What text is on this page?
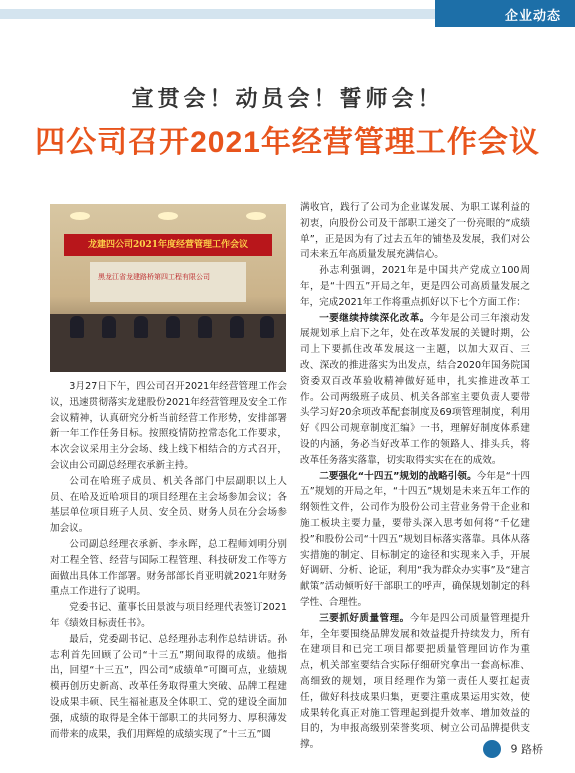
企业动态
宣贯会！动员会！誓师会！
四公司召开2021年经营管理工作会议
龙建四公司2021年度经营管理工作会议
黑龙江省龙建路桥第四工程有限公司

3月27日下午，四公司召开2021年经营管理工作会议，迅速贯彻落实龙建股份2021年经营管理及安全工作会议精神，认真研究分析当前经营工作形势，安排部署新一年工作任务目标。按照疫情防控常态化工作要求，本次会议采用主分会场、线上线下相结合的方式召开，会议由公司副总经理衣承新主持。

公司在哈班子成员、机关各部门中层副职以上人员、在哈及近哈项目的项目经理在主会场参加会议；各基层单位项目班子人员、安全员、财务人员在分会场参加会议。

公司副总经理衣承新、李永晖，总工程师刘明分别对工程全管、经营与国际工程管理、科技研发工作等方面做出具体工作部署。财务部部长肖亚明就2021年财务重点工作进行了说明。

党委书记、董事长田景波与项目经理代表签订2021年《绩效目标责任书》。

最后，党委副书记、总经理孙志利作总结讲话。孙志利首先回顾了公司“十三五”期间取得的成绩。他指出，回望“十三五”，四公司“成绩单”可圈可点，业绩规模再创历史新高、改革任务取得重大突破、品牌工程建设成果丰硕、民生福祉惠及全体职工、党的建设全面加强，成绩的取得是全体干部职工的共同努力、厚积薄发而带来的成果，我们用辉煌的成绩实现了“十三五”圆

满收官，践行了公司为企业谋发展、为职工谋利益的初衷，向股份公司及干部职工递交了一份亮眼的“成绩单”，正是因为有了过去五年的铺垫及发展，我们对公司未来五年高质量发展充满信心。

孙志利强调，2021年是中国共产党成立100周年，是“十四五”开局之年，更是四公司高质量发展之年，完成2021年工作将重点抓好以下七个方面工作：

一要继续持续深化改革。今年是公司三年滚动发展规划承上启下之年，处在改革发展的关键时期，公司上下要抓住改革发展这一主题，以加大双百、三改、深改的推进落实为出发点，结合2020年国务院国资委双百改革验收精神做好延申，扎实推进改革工作。公司两级班子成员、机关各部室主要负责人要带头学习好20余项改革配套制度及69项管理制度，利用好《四公司规章制度汇编》一书，理解好制度体系建设的内涵，务必当好改革工作的领路人、排头兵，将改革任务落实落靠，切实取得实实在在的成效。

二要强化“十四五”规划的战略引领。今年是“十四五”规划的开局之年，“十四五”规划是未来五年工作的纲领性文件，公司作为股份公司主营业务骨干企业和施工板块主要力量，要带头深入思考如何将“千亿建投”和股份公司“十四五”规划目标落实落靠。具体从落实措施的制定、目标制定的途径和实现来入手，开展好调研、分析、论证，利用“我为群众办实事”及“建言献策”活动倾听好干部职工的呼声，确保规划制定的科学性、合理性。

三要抓好质量管理。今年是四公司质量管理提升年，全年要围绕品牌发展和效益提升持续发力，所有在建项目和已完工项目都要把质量管理回访作为重点，机关部室要结合实际仔细研究拿出一套高标准、高细致的规划，项目经理作为第一责任人要扛起责任，做好科技成果归集，更要注重成果运用实效，使成果转化真正对施工管理起到提升效率、增加效益的目的，为申报高级别荣誉奖项、树立公司品牌提供支撑。	9 路桥
